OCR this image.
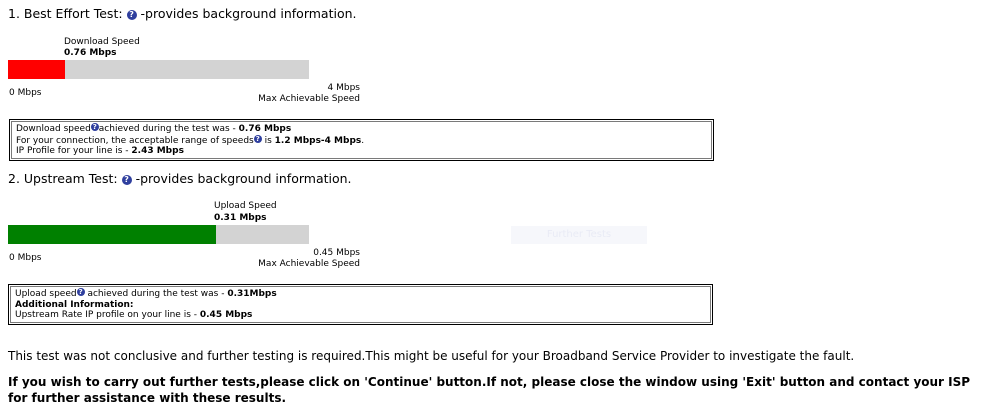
1. Best Effort Test: ? -provides background information.
Download Speed
0.76 Mbps
0 Mbps	4 Mbps
Max Achievable Speed
Download speed ? achieved during the test was - 0.76 Mbps
For your connection, the acceptable range of speeds ? is 1.2 Mbps-4 Mbps.
IP Profile for your line is - 2.43 Mbps
2. Upstream Test: ? -provides background information.
Upload Speed
0.31 Mbps
Further Tests
0 Mbps	0.45 Mbps
Max Achievable Speed
Upload speed ? achieved during the test was - 0.31Mbps
Additional Information:
Upstream Rate IP profile on your line is - 0.45 Mbps
This test was not conclusive and further testing is required.This might be useful for your Broadband Service Provider to investigate the fault.
If you wish to carry out further tests,please click on 'Continue' button.If not, please close the window using 'Exit' button and contact your ISP for further assistance with these results.
